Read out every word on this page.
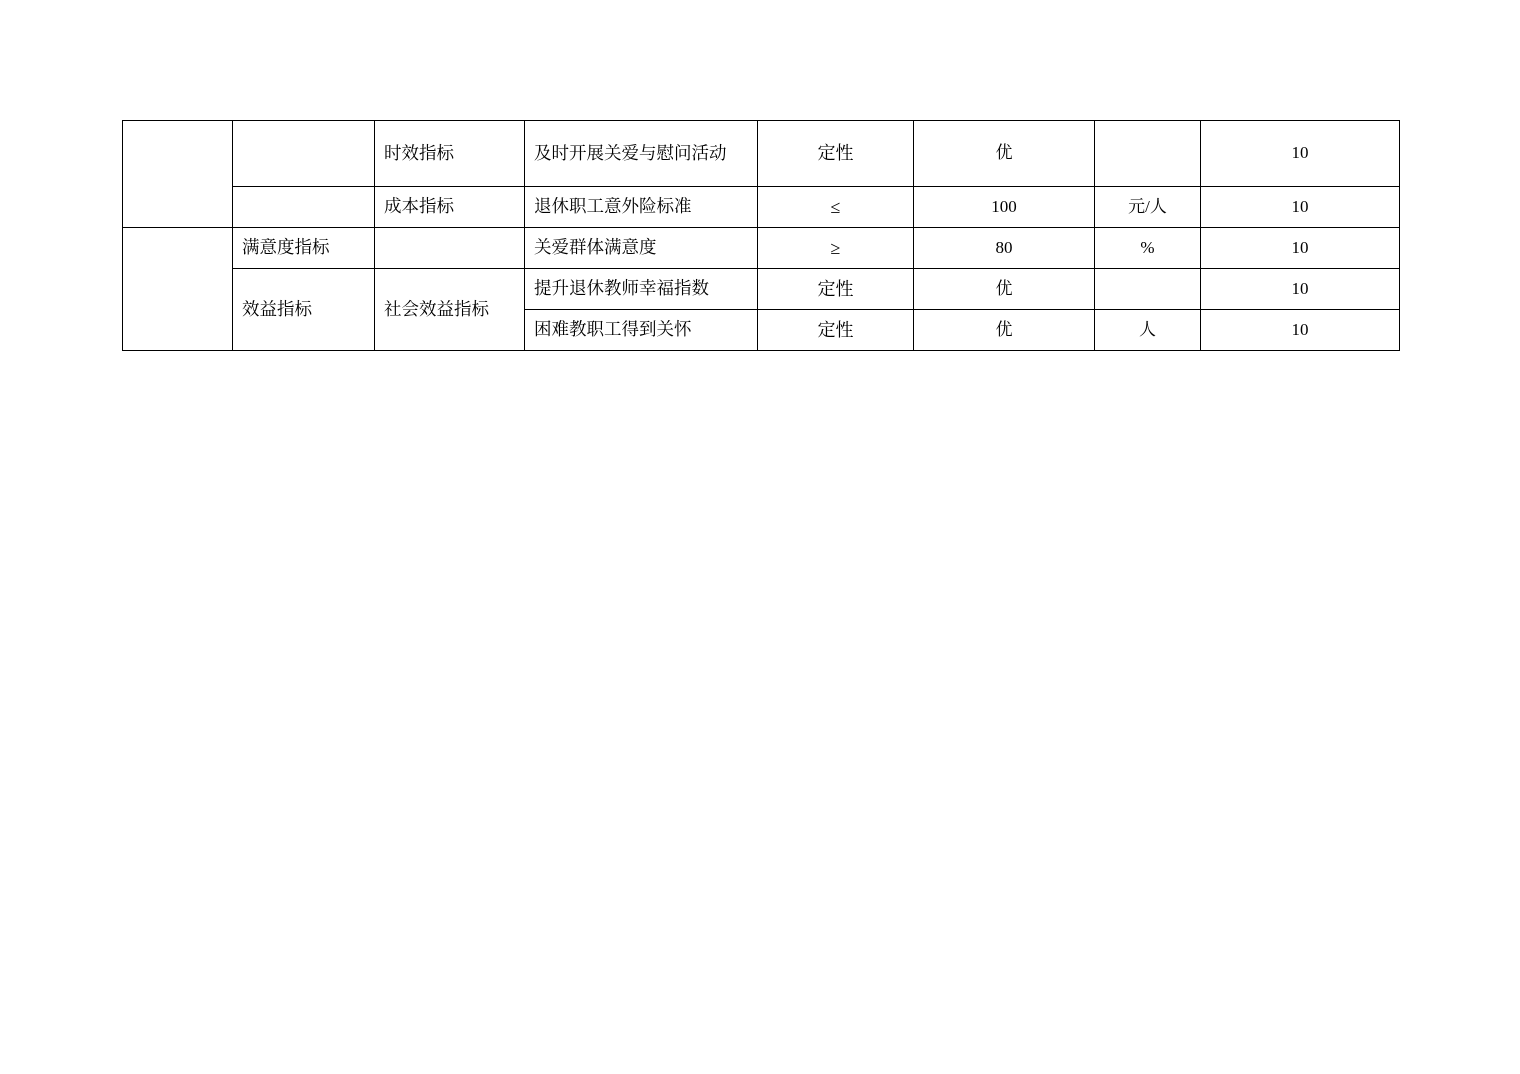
		时效指标	及时开展关爱与慰问活动	定性	优		10

		成本指标	退休职工意外险标准	≤	100	元/人	10

	满意度指标		关爱群体满意度	≥	80	%	10

	效益指标	社会效益指标	提升退休教师幸福指数	定性	优		10

			困难教职工得到关怀	定性	优	人	10
